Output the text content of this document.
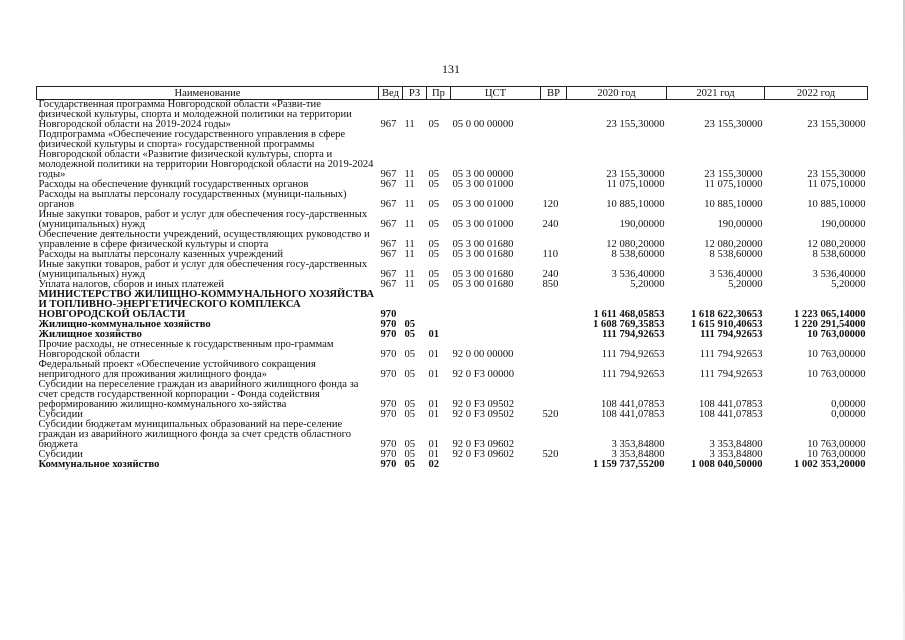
131
Наименование	Вед	РЗ	Пр	ЦСТ	ВР	2020 год	2021 год	2022 год
Государственная программа Новгородской области «Разви-тие физической культуры, спорта и молодежной политики на территории Новгородской области на 2019-2024 годы»	967	11	05	05 0 00 00000		23 155,30000	23 155,30000	23 155,30000
Подпрограмма «Обеспечение государственного управления в сфере физической культуры и спорта» государственной программы Новгородской области «Развитие физической культуры, спорта и молодежной политики на территории Новгородской области на 2019-2024 годы»	967	11	05	05 3 00 00000		23 155,30000	23 155,30000	23 155,30000
Расходы на обеспечение функций государственных органов	967	11	05	05 3 00 01000		11 075,10000	11 075,10000	11 075,10000
Расходы на выплаты персоналу государственных (муници-пальных) органов	967	11	05	05 3 00 01000	120	10 885,10000	10 885,10000	10 885,10000
Иные закупки товаров, работ и услуг для обеспечения госу-дарственных (муниципальных) нужд	967	11	05	05 3 00 01000	240	190,00000	190,00000	190,00000
Обеспечение деятельности учреждений, осуществляющих руководство и управление в сфере физической культуры и спорта	967	11	05	05 3 00 01680		12 080,20000	12 080,20000	12 080,20000
Расходы на выплаты персоналу казенных учреждений	967	11	05	05 3 00 01680	110	8 538,60000	8 538,60000	8 538,60000
Иные закупки товаров, работ и услуг для обеспечения госу-дарственных (муниципальных) нужд	967	11	05	05 3 00 01680	240	3 536,40000	3 536,40000	3 536,40000
Уплата налогов, сборов и иных платежей	967	11	05	05 3 00 01680	850	5,20000	5,20000	5,20000
МИНИСТЕРСТВО ЖИЛИЩНО-КОММУНАЛЬНОГО ХОЗЯЙСТВА И ТОПЛИВНО-ЭНЕРГЕТИЧЕСКОГО КОМПЛЕКСА НОВГОРОДСКОЙ ОБЛАСТИ	970					1 611 468,05853	1 618 622,30653	1 223 065,14000
Жилищно-коммунальное хозяйство	970	05				1 608 769,35853	1 615 910,40653	1 220 291,54000
Жилищное хозяйство	970	05	01			111 794,92653	111 794,92653	10 763,00000
Прочие расходы, не отнесенные к государственным про-граммам Новгородской области	970	05	01	92 0 00 00000		111 794,92653	111 794,92653	10 763,00000
Федеральный проект «Обеспечение устойчивого сокращения непригодного для проживания жилищного фонда»	970	05	01	92 0 F3 00000		111 794,92653	111 794,92653	10 763,00000
Субсидии на переселение граждан из аварийного жилищного фонда за счет средств государственной корпорации - Фонда содействия реформированию жилищно-коммунального хо-зяйства	970	05	01	92 0 F3 09502		108 441,07853	108 441,07853	0,00000
Субсидии	970	05	01	92 0 F3 09502	520	108 441,07853	108 441,07853	0,00000
Субсидии бюджетам муниципальных образований на пере-селение граждан из аварийного жилищного фонда за счет средств областного бюджета	970	05	01	92 0 F3 09602		3 353,84800	3 353,84800	10 763,00000
Субсидии	970	05	01	92 0 F3 09602	520	3 353,84800	3 353,84800	10 763,00000
Коммунальное хозяйство	970	05	02			1 159 737,55200	1 008 040,50000	1 002 353,20000
